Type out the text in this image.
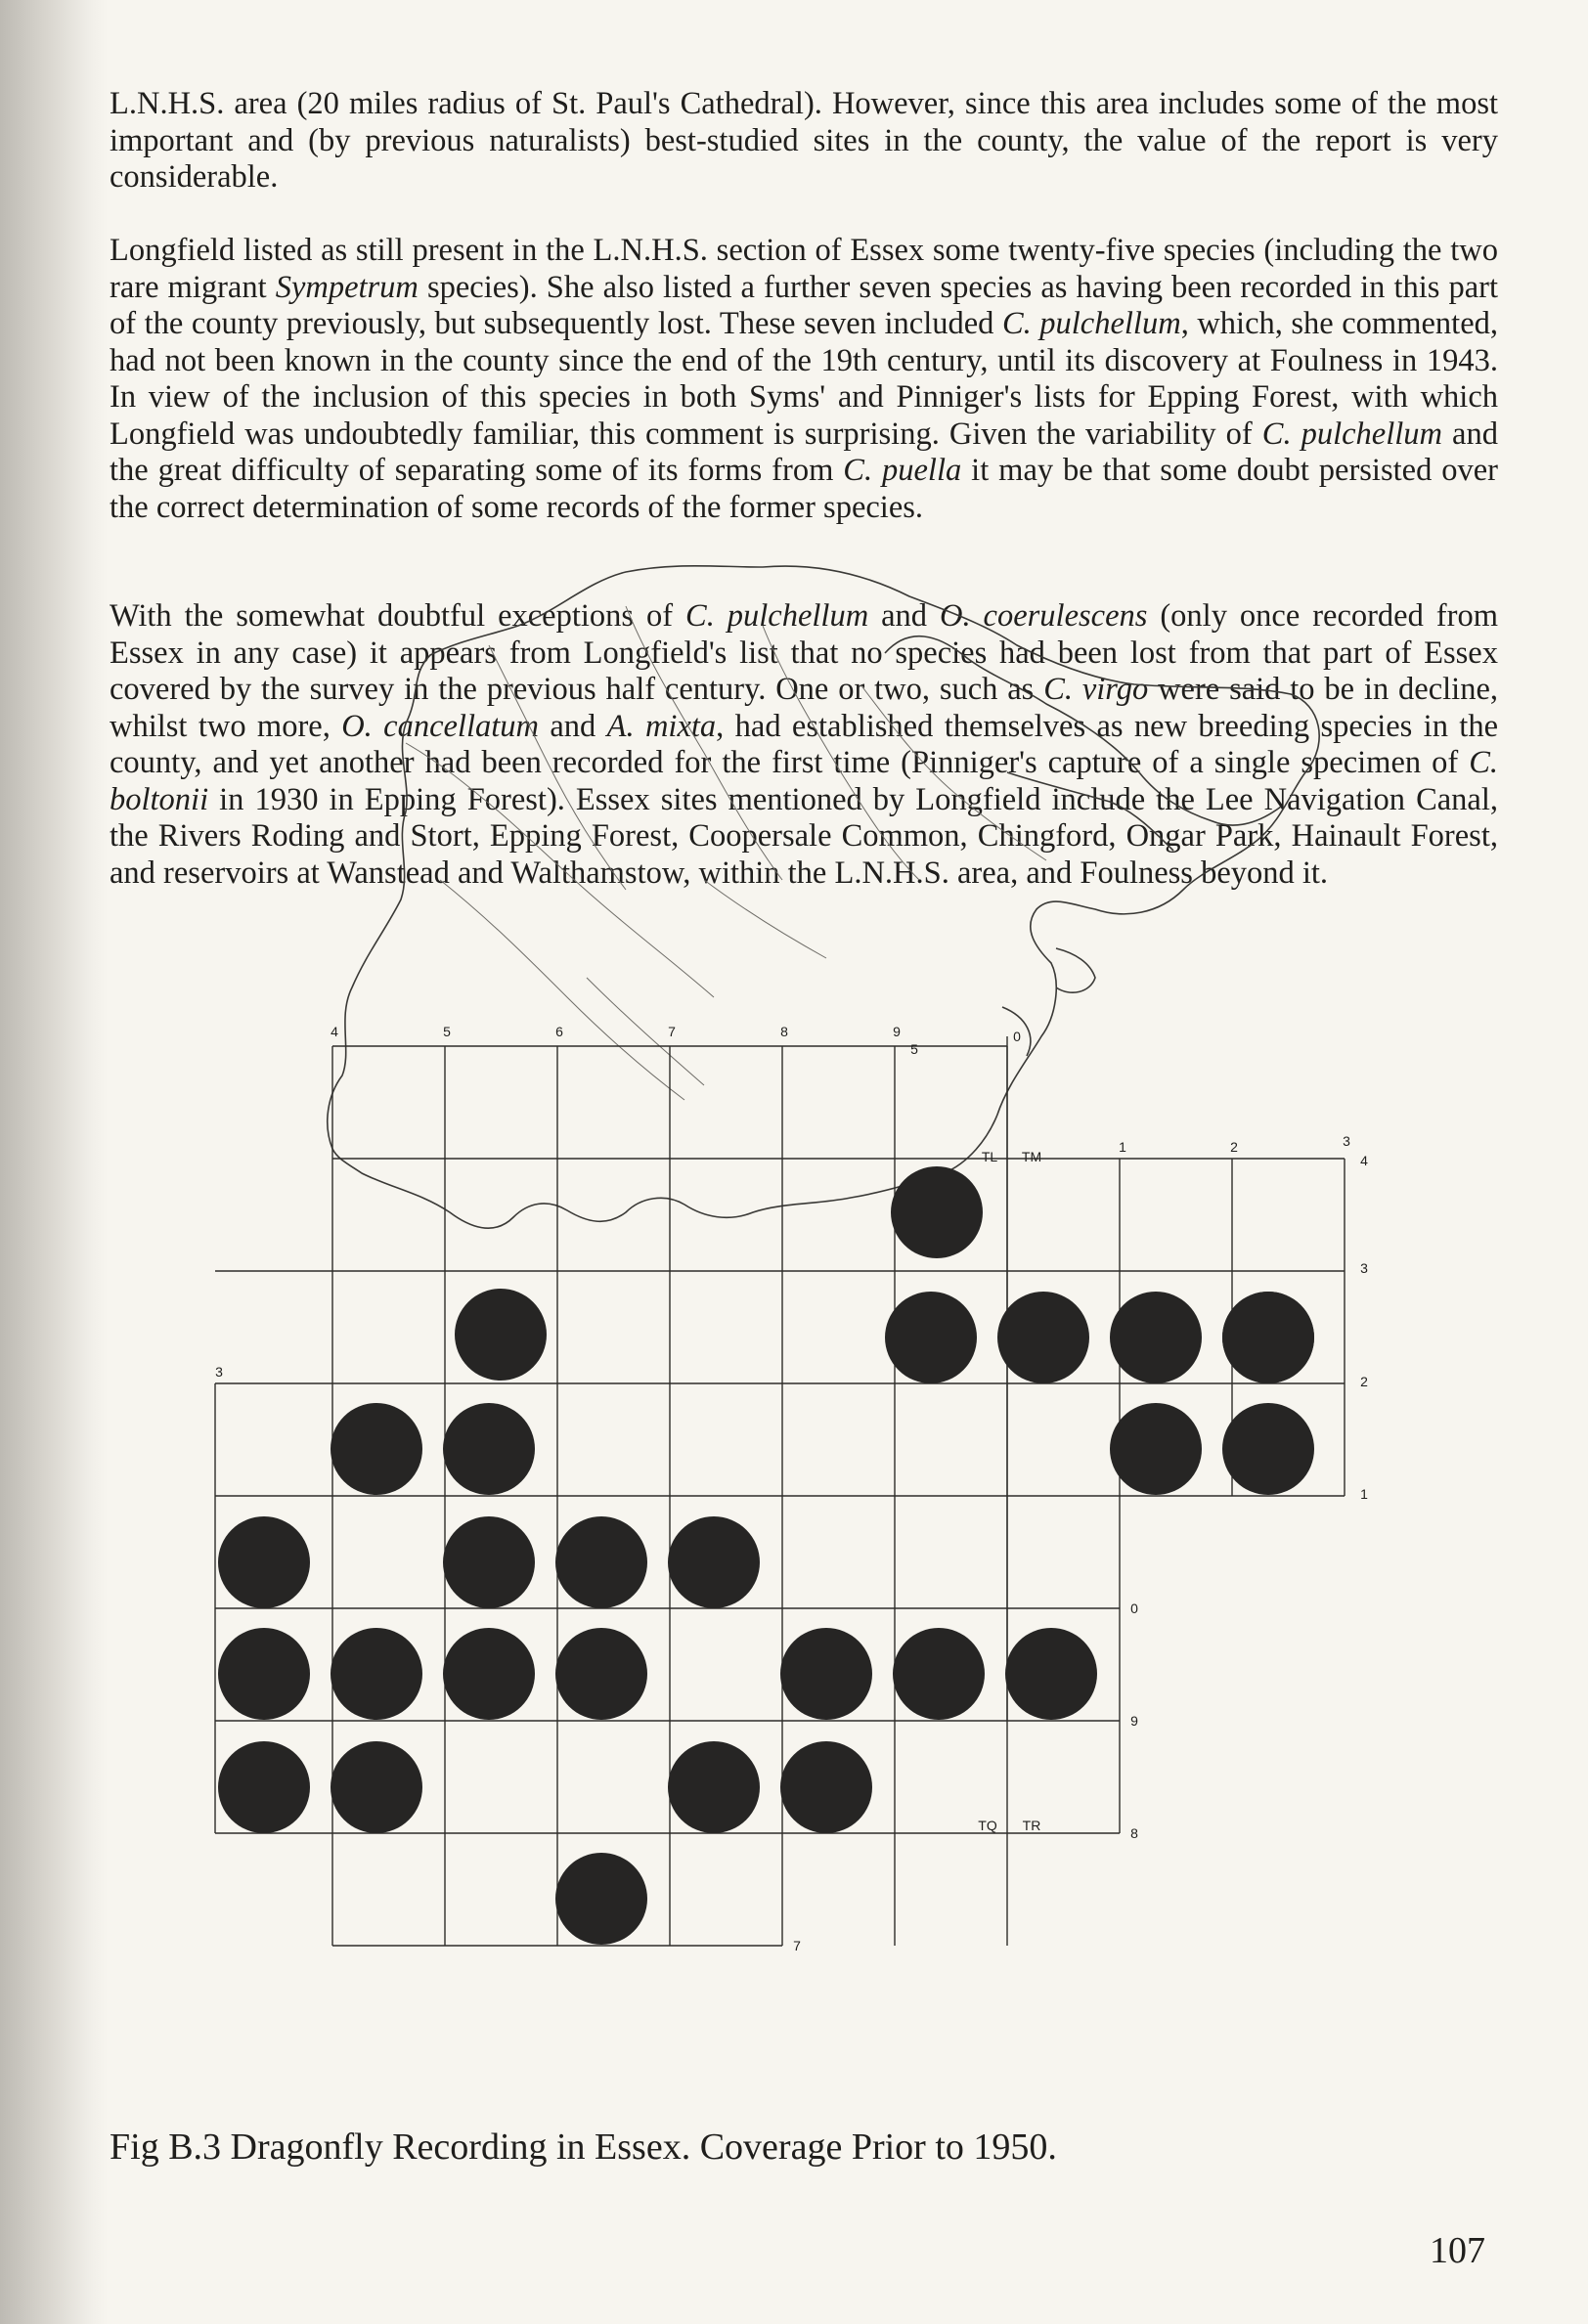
L.N.H.S. area (20 miles radius of St. Paul's Cathedral). However, since this area includes some of the most important and (by previous naturalists) best-studied sites in the county, the value of the report is very considerable.

Longfield listed as still present in the L.N.H.S. section of Essex some twenty-five species (including the two rare migrant Sympetrum species). She also listed a further seven species as having been recorded in this part of the county previously, but subsequently lost. These seven included C. pulchellum, which, she commented, had not been known in the county since the end of the 19th century, until its discovery at Foulness in 1943. In view of the inclusion of this species in both Syms' and Pinniger's lists for Epping Forest, with which Longfield was undoubtedly familiar, this comment is surprising. Given the variability of C. pulchellum and the great difficulty of separating some of its forms from C. puella it may be that some doubt persisted over the correct determination of some records of the former species.

With the somewhat doubtful exceptions of C. pulchellum and O. coerulescens (only once recorded from Essex in any case) it appears from Longfield's list that no species had been lost from that part of Essex covered by the survey in the previous half century. One or two, such as C. virgo were said to be in decline, whilst two more, O. cancellatum and A. mixta, had established themselves as new breeding species in the county, and yet another had been recorded for the first time (Pinniger's capture of a single specimen of C. boltonii in 1930 in Epping Forest). Essex sites mentioned by Longfield include the Lee Navigation Canal, the Rivers Roding and Stort, Epping Forest, Coopersale Common, Chingford, Ongar Park, Hainault Forest, and reservoirs at Wanstead and Walthamstow, within the L.N.H.S. area, and Foulness beyond it.

4	5	6	7	8	9
5
0
1	2	3
4
3
2
1
0
9
8
7
3
TL TM
TQ TR

Fig B.3 Dragonfly Recording in Essex. Coverage Prior to 1950.

107
